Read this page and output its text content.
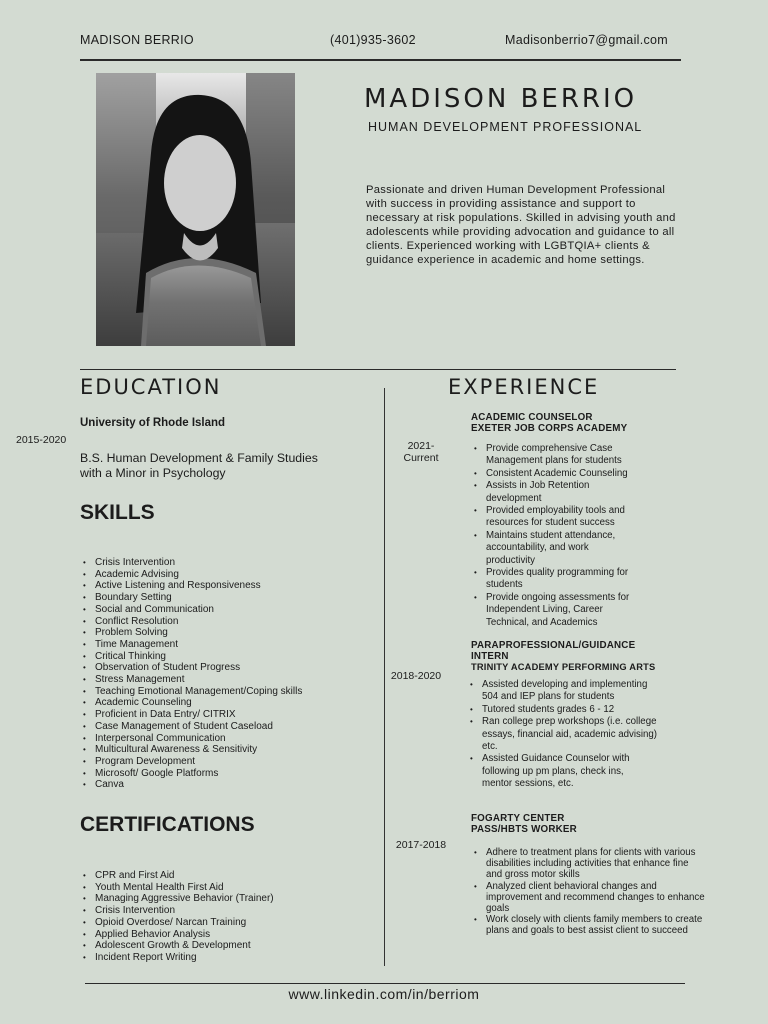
MADISON BERRIO	(401)935-3602	Madisonberrio7@gmail.com
MADISON BERRIO
HUMAN DEVELOPMENT PROFESSIONAL
Passionate and driven Human Development Professional with success in providing assistance and support to necessary at risk populations. Skilled in advising youth and adolescents while providing advocation and guidance to all clients. Experienced working with LGBTQIA+ clients & guidance experience in academic and home settings.
EDUCATION
University of Rhode Island
2015-2020
B.S. Human Development & Family Studies with a Minor in Psychology
SKILLS
• Crisis Intervention
• Academic Advising
• Active Listening and Responsiveness
• Boundary Setting
• Social and Communication
• Conflict Resolution
• Problem Solving
• Time Management
• Critical Thinking
• Observation of Student Progress
• Stress Management
• Teaching Emotional Management/Coping skills
• Academic Counseling
• Proficient in Data Entry/ CITRIX
• Case Management of Student Caseload
• Interpersonal Communication
• Multicultural Awareness & Sensitivity
• Program Development
• Microsoft/ Google Platforms
• Canva
CERTIFICATIONS
• CPR and First Aid
• Youth Mental Health First Aid
• Managing Aggressive Behavior (Trainer)
• Crisis Intervention
• Opioid Overdose/ Narcan Training
• Applied Behavior Analysis
• Adolescent Growth & Development
• Incident Report Writing
EXPERIENCE
ACADEMIC COUNSELOR
EXETER JOB CORPS ACADEMY
2021-
Current
• Provide comprehensive Case Management plans for students
• Consistent Academic Counseling
• Assists in Job Retention development
• Provided employability tools and resources for student success
• Maintains student attendance, accountability, and work productivity
• Provides quality programming for students
• Provide ongoing assessments for Independent Living, Career Technical, and Academics
PARAPROFESSIONAL/GUIDANCE INTERN
TRINITY ACADEMY PERFORMING ARTS
2018-2020
• Assisted developing and implementing 504 and IEP plans for students
• Tutored students grades 6 - 12
• Ran college prep workshops (i.e. college essays, financial aid, academic advising) etc.
• Assisted Guidance Counselor with following up pm plans, check ins, mentor sessions, etc.
FOGARTY CENTER
PASS/HBTS WORKER
2017-2018
• Adhere to treatment plans for clients with various disabilities including activities that enhance fine and gross motor skills
• Analyzed client behavioral changes and improvement and recommend changes to enhance goals
• Work closely with clients family members to create plans and goals to best assist client to succeed
www.linkedin.com/in/berriom
